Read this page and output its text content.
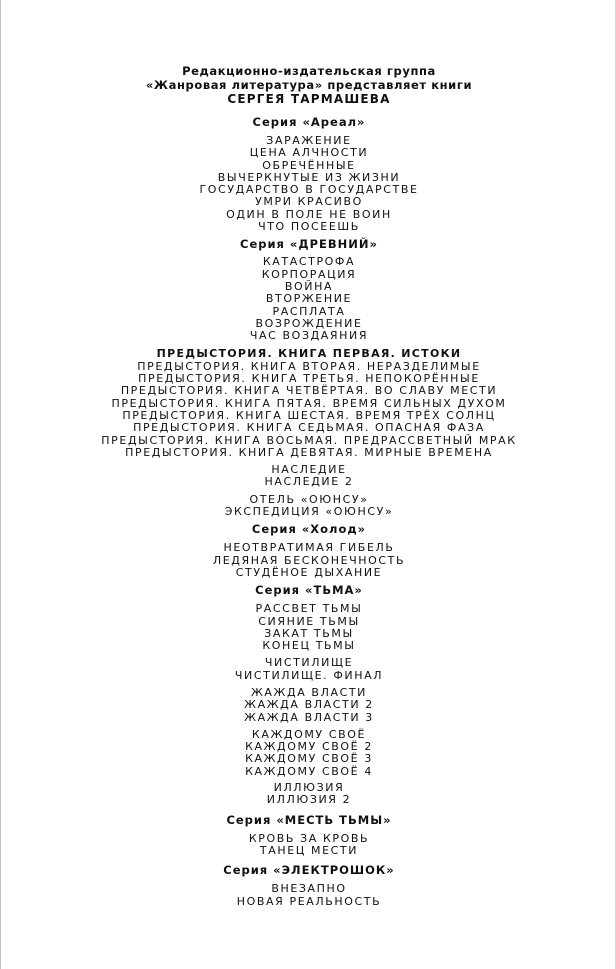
Редакционно-издательская группа

«Жанровая литература» представляет книги

СЕРГЕЯ ТАРМАШЕВА

Серия «Ареал»

ЗАРАЖЕНИЕ

ЦЕНА АЛЧНОСТИ

ОБРЕЧЁННЫЕ

ВЫЧЕРКНУТЫЕ ИЗ ЖИЗНИ

ГОСУДАРСТВО В ГОСУДАРСТВЕ

УМРИ КРАСИВО

ОДИН В ПОЛЕ НЕ ВОИН

ЧТО ПОСЕЕШЬ

Серия «ДРЕВНИЙ»

КАТАСТРОФА

КОРПОРАЦИЯ

ВОЙНА

ВТОРЖЕНИЕ

РАСПЛАТА

ВОЗРОЖДЕНИЕ

ЧАС ВОЗДАЯНИЯ

ПРЕДЫСТОРИЯ. КНИГА ПЕРВАЯ. ИСТОКИ

ПРЕДЫСТОРИЯ. КНИГА ВТОРАЯ. НЕРАЗДЕЛИМЫЕ

ПРЕДЫСТОРИЯ. КНИГА ТРЕТЬЯ. НЕПОКОРЁННЫЕ

ПРЕДЫСТОРИЯ. КНИГА ЧЕТВЁРТАЯ. ВО СЛАВУ МЕСТИ

ПРЕДЫСТОРИЯ. КНИГА ПЯТАЯ. ВРЕМЯ СИЛЬНЫХ ДУХОМ

ПРЕДЫСТОРИЯ. КНИГА ШЕСТАЯ. ВРЕМЯ ТРЁХ СОЛНЦ

ПРЕДЫСТОРИЯ. КНИГА СЕДЬМАЯ. ОПАСНАЯ ФАЗА

ПРЕДЫСТОРИЯ. КНИГА ВОСЬМАЯ. ПРЕДРАССВЕТНЫЙ МРАК

ПРЕДЫСТОРИЯ. КНИГА ДЕВЯТАЯ. МИРНЫЕ ВРЕМЕНА

НАСЛЕДИЕ

НАСЛЕДИЕ 2

ОТЕЛЬ «ОЮНСУ»

ЭКСПЕДИЦИЯ «ОЮНСУ»

Серия «Холод»

НЕОТВРАТИМАЯ ГИБЕЛЬ

ЛЕДЯНАЯ БЕСКОНЕЧНОСТЬ

СТУДЁНОЕ ДЫХАНИЕ

Серия «ТЬМА»

РАССВЕТ ТЬМЫ

СИЯНИЕ ТЬМЫ

ЗАКАТ ТЬМЫ

КОНЕЦ ТЬМЫ

ЧИСТИЛИЩЕ

ЧИСТИЛИЩЕ. ФИНАЛ

ЖАЖДА ВЛАСТИ

ЖАЖДА ВЛАСТИ 2

ЖАЖДА ВЛАСТИ 3

КАЖДОМУ СВОЁ

КАЖДОМУ СВОЁ 2

КАЖДОМУ СВОЁ 3

КАЖДОМУ СВОЁ 4

ИЛЛЮЗИЯ

ИЛЛЮЗИЯ 2

Серия «МЕСТЬ ТЬМЫ»

КРОВЬ ЗА КРОВЬ

ТАНЕЦ МЕСТИ

Серия «ЭЛЕКТРОШОК»

ВНЕЗАПНО

НОВАЯ РЕАЛЬНОСТЬ
